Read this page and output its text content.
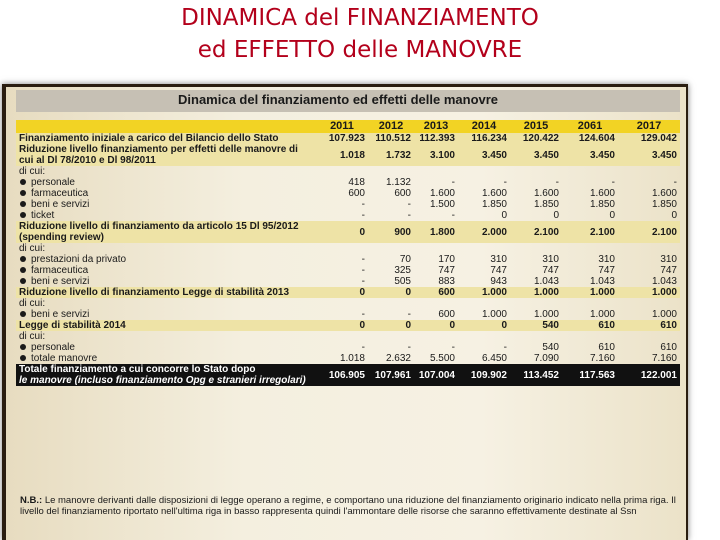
DINAMICA del FINANZIAMENTO
ed EFFETTO delle MANOVRE
Dinamica del finanziamento ed effetti delle manovre
	2011	2012	2013	2014	2015	2061	2017
Finanziamento iniziale a carico del Bilancio dello Stato	107.923	110.512	112.393	116.234	120.422	124.604	129.042
Riduzione livello finanziamento per effetti delle manovre di cui al Dl 78/2010 e Dl 98/2011	1.018	1.732	3.100	3.450	3.450	3.450	3.450
di cui:							
personale	418	1.132	-	-	-	-	-
farmaceutica	600	600	1.600	1.600	1.600	1.600	1.600
beni e servizi	-	-	1.500	1.850	1.850	1.850	1.850
ticket	-	-	-	0	0	0	0
Riduzione livello di finanziamento da articolo 15 Dl 95/2012 (spending review)	0	900	1.800	2.000	2.100	2.100	2.100
di cui:							
prestazioni da privato	-	70	170	310	310	310	310
farmaceutica	-	325	747	747	747	747	747
beni e servizi	-	505	883	943	1.043	1.043	1.043
Riduzione livello di finanziamento Legge di stabilità 2013	0	0	600	1.000	1.000	1.000	1.000
di cui:							
beni e servizi	-	-	600	1.000	1.000	1.000	1.000
Legge di stabilità 2014	0	0	0	0	540	610	610
di cui:							
personale	-	-	-	-	540	610	610
totale manovre	1.018	2.632	5.500	6.450	7.090	7.160	7.160

Totale finanziamento a cui concorre lo Stato dopo
le manovre (incluso finanziamento Opg e stranieri irregolari)	106.905	107.961	107.004	109.902	113.452	117.563	122.001
N.B.: Le manovre derivanti dalle disposizioni di legge operano a regime, e comportano una riduzione del finanziamento originario indicato nella prima riga. Il livello del finanziamento riportato nell'ultima riga in basso rappresenta quindi l'ammontare delle risorse che saranno effettivamente destinate al Ssn
